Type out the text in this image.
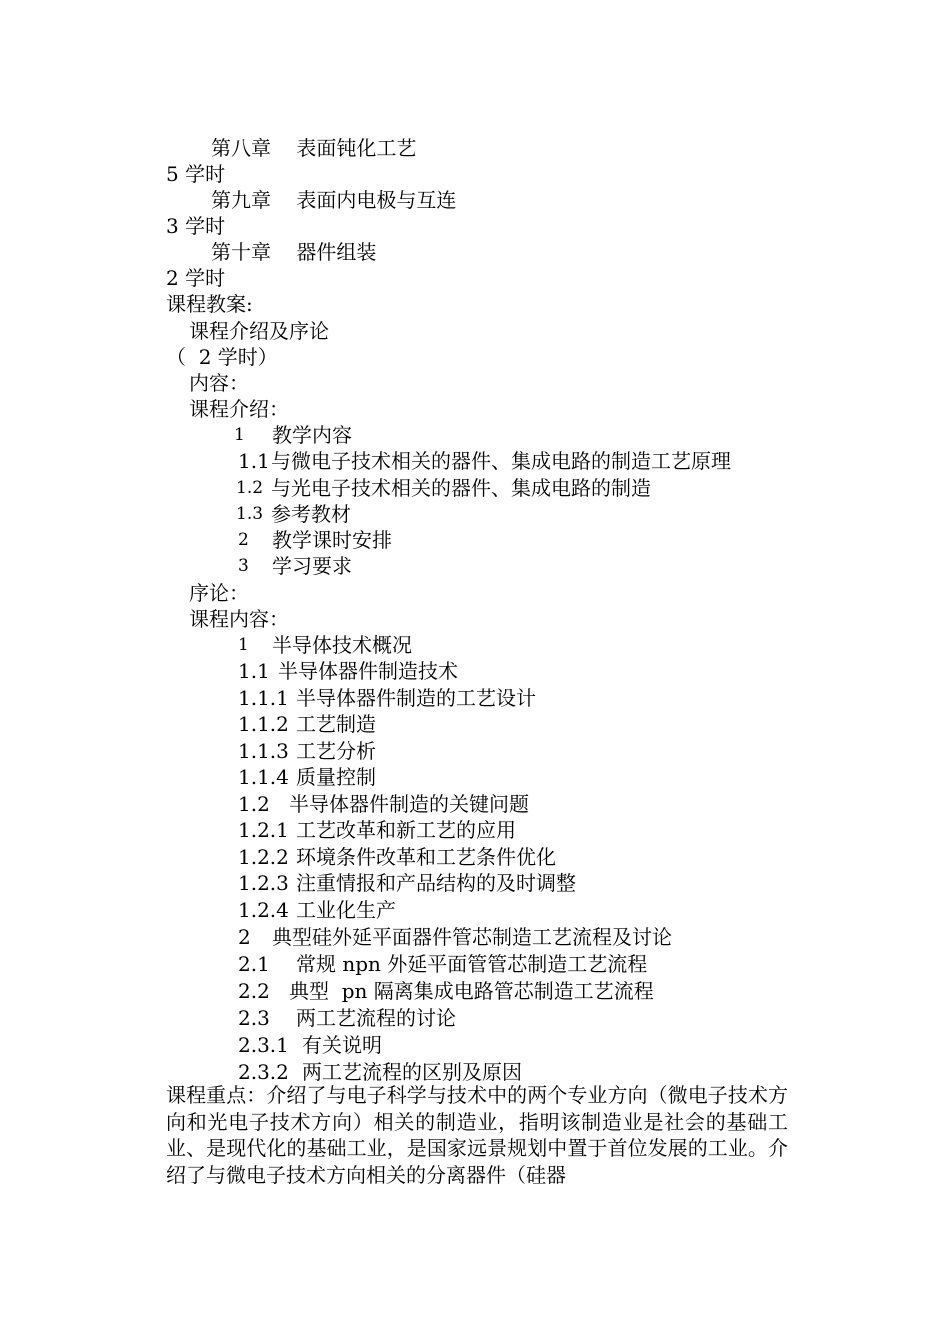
第八章    表面钝化工艺
5 学时
第九章    表面内电极与互连
3 学时
第十章    器件组装
2 学时
课程教案:
课程介绍及序论
（  2 学时）
内容：
课程介绍：
1 教学内容
1.1 与微电子技术相关的器件、集成电路的制造工艺原理
1.2 与光电子技术相关的器件、集成电路的制造
1.3 参考教材
2 教学课时安排
3 学习要求
序论：
课程内容：
1 半导体技术概况
1.1 半导体器件制造技术
1.1.1 半导体器件制造的工艺设计
1.1.2 工艺制造
1.1.3 工艺分析
1.1.4 质量控制
1.2 半导体器件制造的关键问题
1.2.1 工艺改革和新工艺的应用
1.2.2 环境条件改革和工艺条件优化
1.2.3 注重情报和产品结构的及时调整
1.2.4 工业化生产
2 典型硅外延平面器件管芯制造工艺流程及讨论
2.1 常规 npn 外延平面管管芯制造工艺流程
2.2 典型  pn 隔离集成电路管芯制造工艺流程
2.3 两工艺流程的讨论
2.3.1 有关说明
2.3.2 两工艺流程的区别及原因
课程重点：介绍了与电子科学与技术中的两个专业方向（微电子技术方向和光电子技术方向）相关的制造业，指明该制造业是社会的基础工业、是现代化的基础工业，是国家远景规划中置于首位发展的工业。介绍了与微电子技术方向相关的分离器件（硅器
